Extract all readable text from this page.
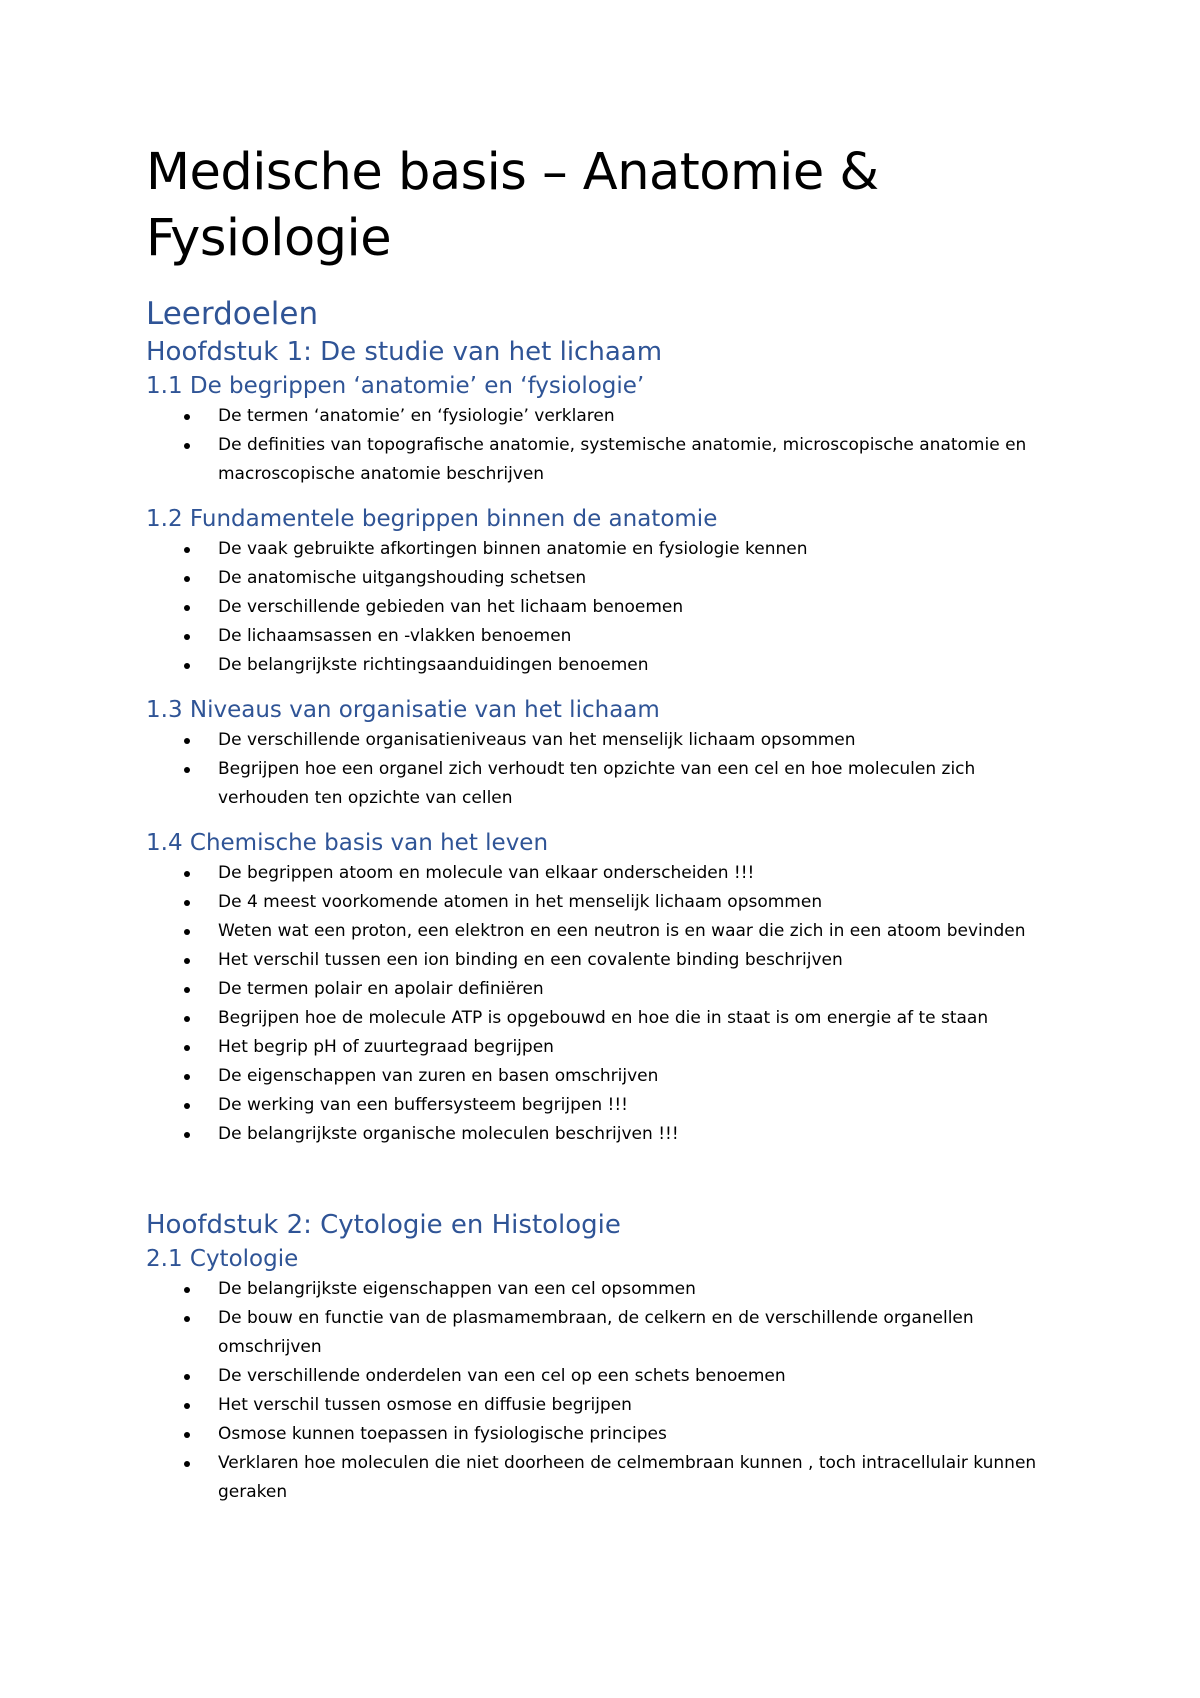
Medische basis – Anatomie & Fysiologie
Leerdoelen
Hoofdstuk 1: De studie van het lichaam
1.1 De begrippen ‘anatomie’ en ‘fysiologie’
De termen ‘anatomie’ en ‘fysiologie’ verklaren
De definities van topografische anatomie, systemische anatomie, microscopische anatomie en macroscopische anatomie beschrijven
1.2 Fundamentele begrippen binnen de anatomie
De vaak gebruikte afkortingen binnen anatomie en fysiologie kennen
De anatomische uitgangshouding schetsen
De verschillende gebieden van het lichaam benoemen
De lichaamsassen en -vlakken benoemen
De belangrijkste richtingsaanduidingen benoemen
1.3 Niveaus van organisatie van het lichaam
De verschillende organisatieniveaus van het menselijk lichaam opsommen
Begrijpen hoe een organel zich verhoudt ten opzichte van een cel en hoe moleculen zich verhouden ten opzichte van cellen
1.4 Chemische basis van het leven
De begrippen atoom en molecule van elkaar onderscheiden !!!
De 4 meest voorkomende atomen in het menselijk lichaam opsommen
Weten wat een proton, een elektron en een neutron is en waar die zich in een atoom bevinden
Het verschil tussen een ion binding en een covalente binding beschrijven
De termen polair en apolair definiëren
Begrijpen hoe de molecule ATP is opgebouwd en hoe die in staat is om energie af te staan
Het begrip pH of zuurtegraad begrijpen
De eigenschappen van zuren en basen omschrijven
De werking van een buffersysteem begrijpen !!!
De belangrijkste organische moleculen beschrijven !!!
Hoofdstuk 2: Cytologie en Histologie
2.1 Cytologie
De belangrijkste eigenschappen van een cel opsommen
De bouw en functie van de plasmamembraan, de celkern en de verschillende organellen omschrijven
De verschillende onderdelen van een cel op een schets benoemen
Het verschil tussen osmose en diffusie begrijpen
Osmose kunnen toepassen in fysiologische principes
Verklaren hoe moleculen die niet doorheen de celmembraan kunnen , toch intracellulair kunnen geraken
